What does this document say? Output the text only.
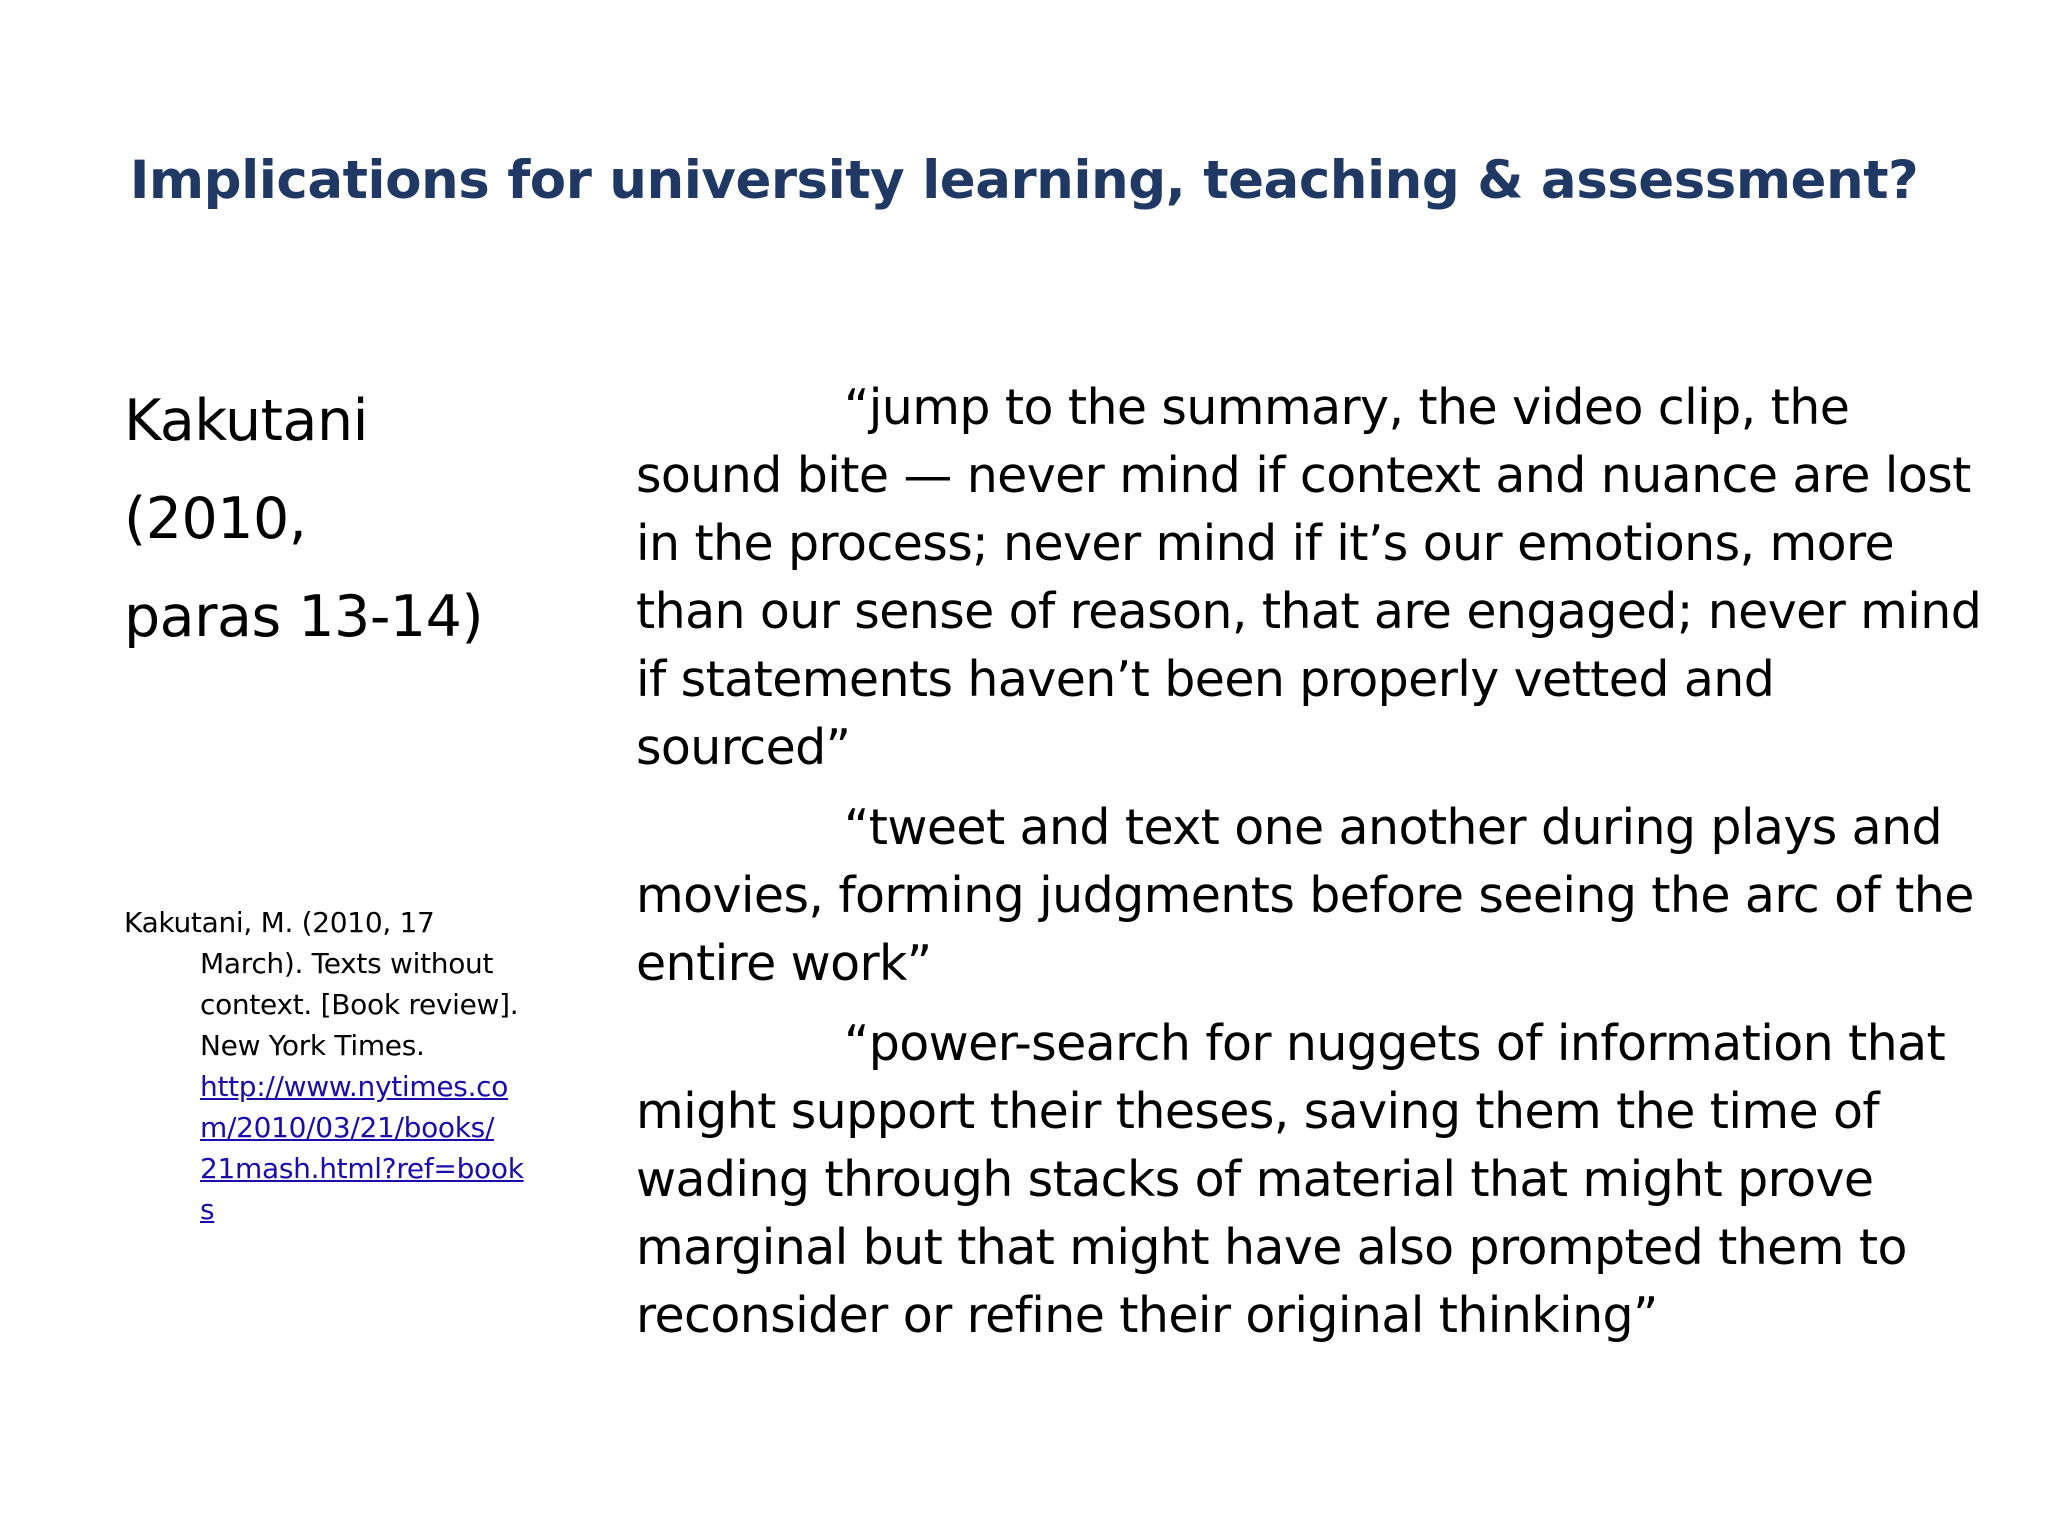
Implications for university learning, teaching & assessment?
Kakutani
(2010,
paras 13-14)
Kakutani, M. (2010, 17
March). Texts without
context. [Book review].
New York Times.
http://www.nytimes.co
m/2010/03/21/books/
21mash.html?ref=book
s
“jump to the summary, the video clip, the
sound bite — never mind if context and nuance are lost
in the process; never mind if it’s our emotions, more
than our sense of reason, that are engaged; never mind
if statements haven’t been properly vetted and
sourced”
“tweet and text one another during plays and
movies, forming judgments before seeing the arc of the
entire work”
“power-search for nuggets of information that
might support their theses, saving them the time of
wading through stacks of material that might prove
marginal but that might have also prompted them to
reconsider or refine their original thinking”
